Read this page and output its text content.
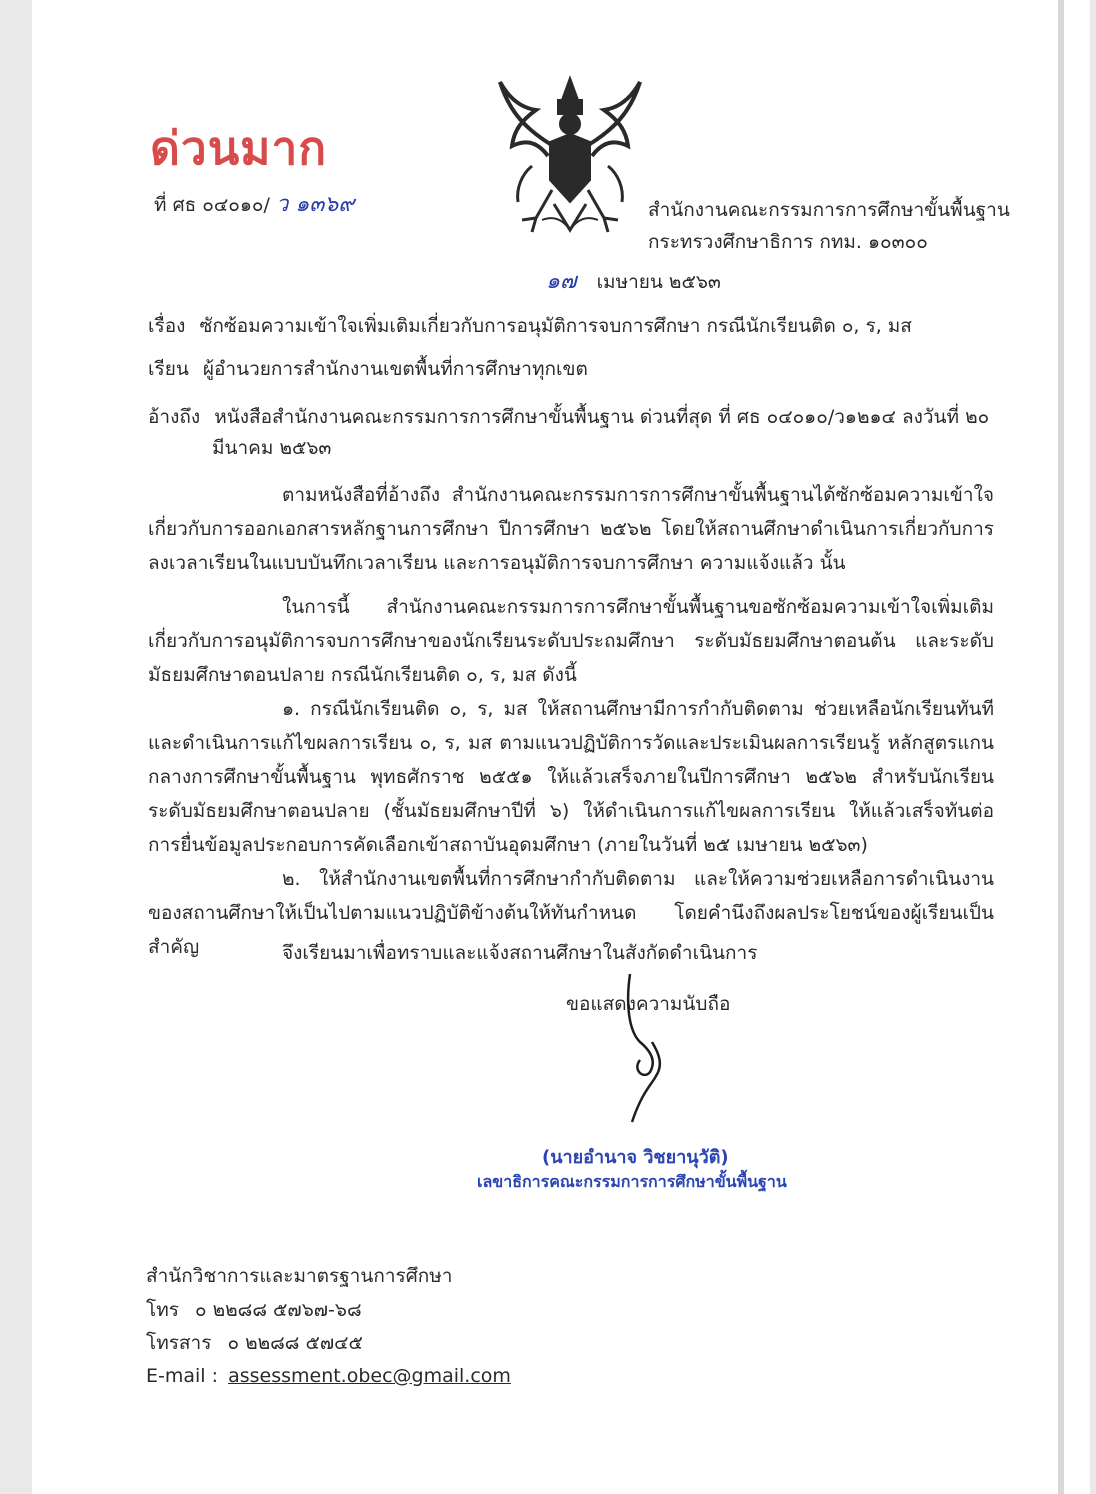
ด่วนมาก
ที่ ศธ ๐๔๐๑๐/ ว ๑๓๖๙	สำนักงานคณะกรรมการการศึกษาขั้นพื้นฐาน
กระทรวงศึกษาธิการ กทม. ๑๐๓๐๐
๑๗ เมษายน ๒๕๖๓
เรื่อง ซักซ้อมความเข้าใจเพิ่มเติมเกี่ยวกับการอนุมัติการจบการศึกษา กรณีนักเรียนติด ๐, ร, มส
เรียน ผู้อำนวยการสำนักงานเขตพื้นที่การศึกษาทุกเขต
อ้างถึง หนังสือสำนักงานคณะกรรมการการศึกษาขั้นพื้นฐาน ด่วนที่สุด ที่ ศธ ๐๔๐๑๐/ว๑๒๑๔ ลงวันที่ ๒๐
มีนาคม ๒๕๖๓
ตามหนังสือที่อ้างถึง สำนักงานคณะกรรมการการศึกษาขั้นพื้นฐานได้ซักซ้อมความเข้าใจเกี่ยวกับการออกเอกสารหลักฐานการศึกษา ปีการศึกษา ๒๕๖๒ โดยให้สถานศึกษาดำเนินการเกี่ยวกับการลงเวลาเรียนในแบบบันทึกเวลาเรียน และการอนุมัติการจบการศึกษา ความแจ้งแล้ว นั้น
ในการนี้ สำนักงานคณะกรรมการการศึกษาขั้นพื้นฐานขอซักซ้อมความเข้าใจเพิ่มเติมเกี่ยวกับการอนุมัติการจบการศึกษาของนักเรียนระดับประถมศึกษา ระดับมัธยมศึกษาตอนต้น และระดับมัธยมศึกษาตอนปลาย กรณีนักเรียนติด ๐, ร, มส ดังนี้
๑. กรณีนักเรียนติด ๐, ร, มส ให้สถานศึกษามีการกำกับติดตาม ช่วยเหลือนักเรียนทันที และดำเนินการแก้ไขผลการเรียน ๐, ร, มส ตามแนวปฏิบัติการวัดและประเมินผลการเรียนรู้ หลักสูตรแกนกลางการศึกษาขั้นพื้นฐาน พุทธศักราช ๒๕๕๑ ให้แล้วเสร็จภายในปีการศึกษา ๒๕๖๒ สำหรับนักเรียนระดับมัธยมศึกษาตอนปลาย (ชั้นมัธยมศึกษาปีที่ ๖) ให้ดำเนินการแก้ไขผลการเรียน ให้แล้วเสร็จทันต่อการยื่นข้อมูลประกอบการคัดเลือกเข้าสถาบันอุดมศึกษา (ภายในวันที่ ๒๕ เมษายน ๒๕๖๓)
๒. ให้สำนักงานเขตพื้นที่การศึกษากำกับติดตาม และให้ความช่วยเหลือการดำเนินงานของสถานศึกษาให้เป็นไปตามแนวปฏิบัติข้างต้นให้ทันกำหนด โดยคำนึงถึงผลประโยชน์ของผู้เรียนเป็นสำคัญ	จึงเรียนมาเพื่อทราบและแจ้งสถานศึกษาในสังกัดดำเนินการ
ขอแสดงความนับถือ
(นายอำนาจ วิชยานุวัติ)
เลขาธิการคณะกรรมการการศึกษาขั้นพื้นฐาน
สำนักวิชาการและมาตรฐานการศึกษา
โทร ๐ ๒๒๘๘ ๕๗๖๗-๖๘
โทรสาร ๐ ๒๒๘๘ ๕๗๔๕
E-mail : assessment.obec@gmail.com
